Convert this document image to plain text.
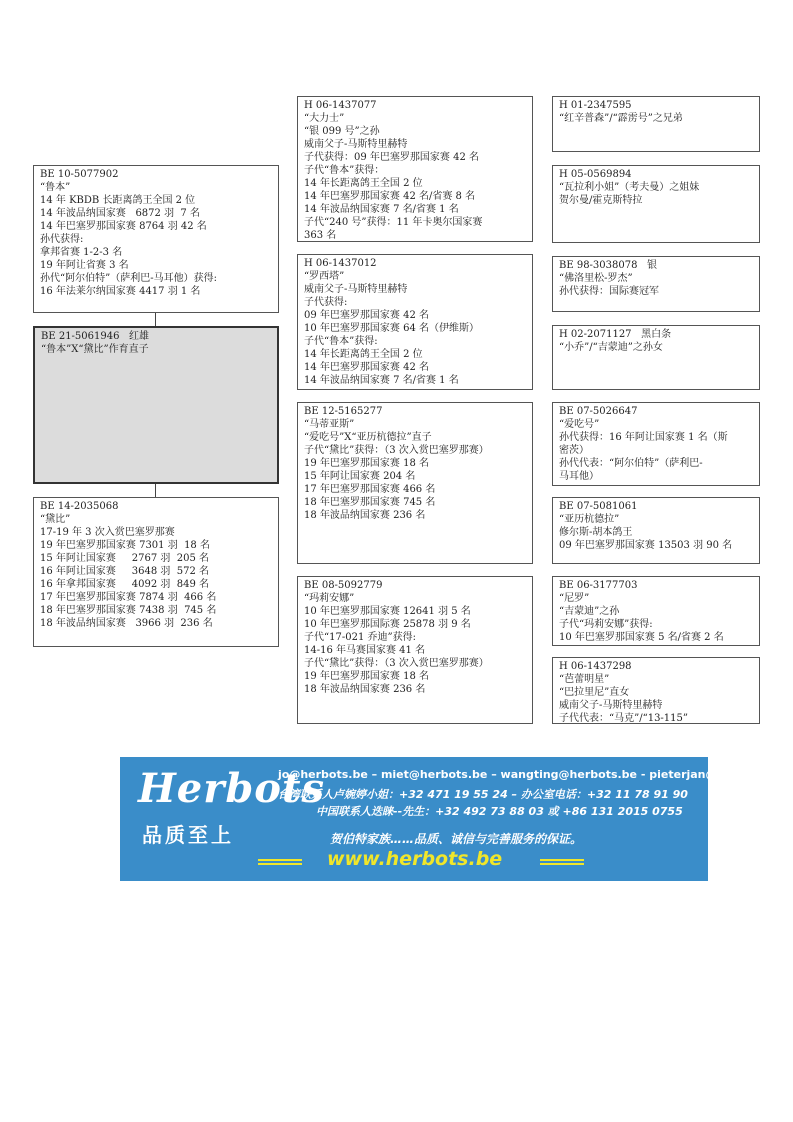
BE 10-5077902
“鲁本”
14 年 KBDB 长距离鸽王全国 2 位
14 年波品纳国家赛   6872 羽  7 名
14 年巴塞罗那国家赛 8764 羽 42 名
孙代获得:
拿邦省赛 1-2-3 名
19 年阿让省赛 3 名
孙代“阿尔伯特”（萨利巴-马耳他）获得:
16 年法莱尔纳国家赛 4417 羽 1 名
BE 21-5061946   红雄
“鲁本”X“黛比”作育直子
BE 14-2035068
“黛比”
17-19 年 3 次入赏巴塞罗那赛
19 年巴塞罗那国家赛 7301 羽  18 名
15 年阿让国家赛     2767 羽  205 名
16 年阿让国家赛     3648 羽  572 名
16 年拿邦国家赛     4092 羽  849 名
17 年巴塞罗那国家赛 7874 羽  466 名
18 年巴塞罗那国家赛 7438 羽  745 名
18 年波品纳国家赛   3966 羽  236 名
H 06-1437077
“大力士”
“银 099 号”之孙
威南父子-马斯特里赫特
子代获得：09 年巴塞罗那国家赛 42 名
子代“鲁本”获得：
14 年长距离鸽王全国 2 位
14 年巴塞罗那国家赛 42 名/省赛 8 名
14 年波品纳国家赛 7 名/省赛 1 名
子代“240 号”获得：11 年卡奥尔国家赛
363 名
H 06-1437012
“罗西塔”
威南父子-马斯特里赫特
子代获得:
09 年巴塞罗那国家赛 42 名
10 年巴塞罗那国家赛 64 名（伊维斯）
子代“鲁本”获得:
14 年长距离鸽王全国 2 位
14 年巴塞罗那国家赛 42 名
14 年波品纳国家赛 7 名/省赛 1 名
BE 12-5165277
“马蒂亚斯”
“爱吃号”X“亚历杭德拉”直子
子代“黛比”获得：（3 次入赏巴塞罗那赛）
19 年巴塞罗那国家赛 18 名
15 年阿让国家赛 204 名
17 年巴塞罗那国家赛 466 名
18 年巴塞罗那国家赛 745 名
18 年波品纳国家赛 236 名
BE 08-5092779
“玛莉安娜”
10 年巴塞罗那国家赛 12641 羽 5 名
10 年巴塞罗那国际赛 25878 羽 9 名
子代“17-021 乔迪”获得:
14-16 年马赛国家赛 41 名
子代“黛比”获得：（3 次入赏巴塞罗那赛）
19 年巴塞罗那国家赛 18 名
18 年波品纳国家赛 236 名
H 01-2347595
“红辛普森”/“霹雳号”之兄弟
H 05-0569894
“瓦拉利小姐”（考夫曼）之姐妹
贺尔曼/霍克斯特拉
BE 98-3038078   银
“佛洛里松-罗杰”
孙代获得：国际赛冠军
H 02-2071127   黑白条
“小乔”/“吉蒙迪”之孙女
BE 07-5026647
“爱吃号”
孙代获得：16 年阿让国家赛 1 名（斯
密茨）
孙代代表：“阿尔伯特”（萨利巴-
马耳他）
BE 07-5081061
“亚历杭德拉”
修尔斯-胡本鸽王
09 年巴塞罗那国家赛 13503 羽 90 名
BE 06-3177703
“尼罗”
“吉蒙迪”之孙
子代“玛莉安娜”获得:
10 年巴塞罗那国家赛 5 名/省赛 2 名
H 06-1437298
“芭蕾明星”
“巴拉里尼”直女
威南父子-马斯特里赫特
子代代表：“马克”/“13-115”
Herbots
品质至上
jo@herbots.be – miet@herbots.be – wangting@herbots.be - pieterjan@herbots.be
台湾联系人卢婉婷小姐：+32 471 19 55 24 – 办公室电话：+32 11 78 91 90
中国联系人迭睐--先生：+32 492 73 88 03 或 +86 131 2015 0755
贺伯特家族……品质、诚信与完善服务的保证。
www.herbots.be
